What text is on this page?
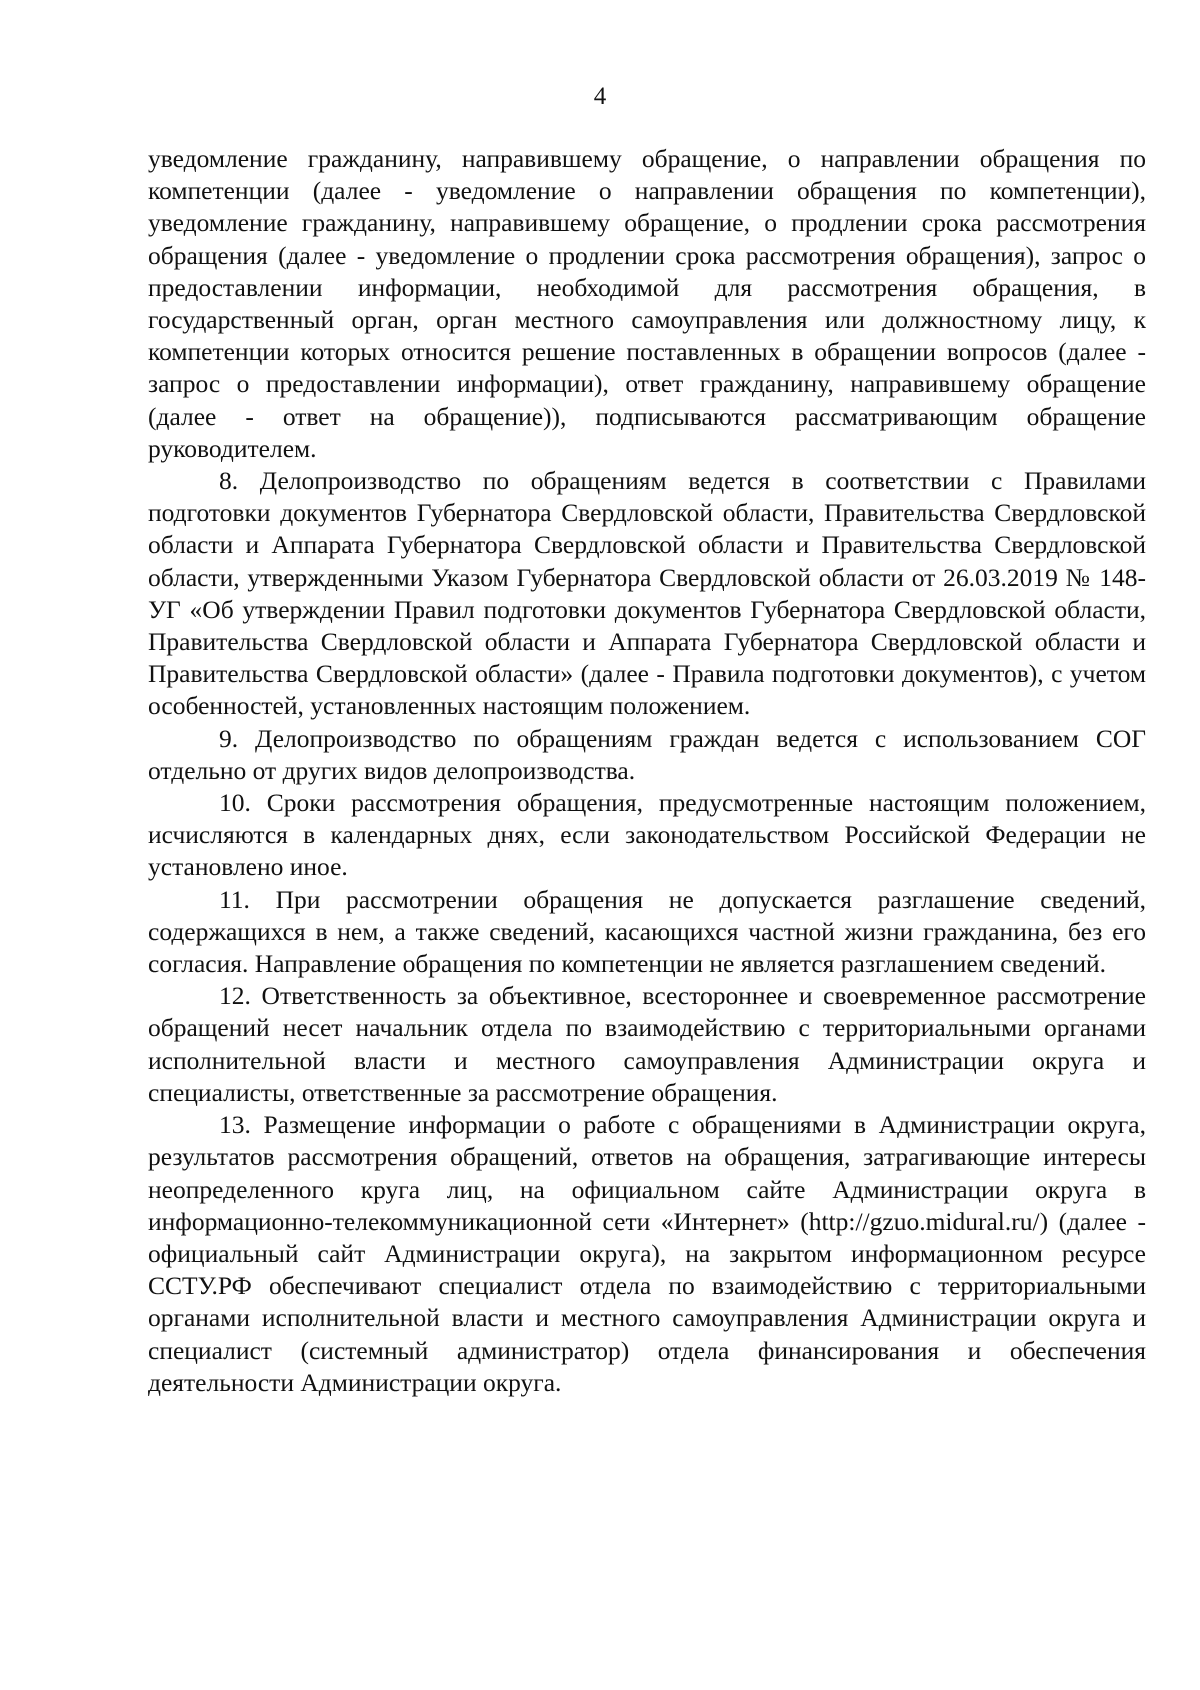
4

уведомление гражданину, направившему обращение, о направлении обращения по компетенции (далее - уведомление о направлении обращения по компетенции), уведомление гражданину, направившему обращение, о продлении срока рассмотрения обращения (далее - уведомление о продлении срока рассмотрения обращения), запрос о предоставлении информации, необходимой для рассмотрения обращения, в государственный орган, орган местного самоуправления или должностному лицу, к компетенции которых относится решение поставленных в обращении вопросов (далее - запрос о предоставлении информации), ответ гражданину, направившему обращение (далее - ответ на обращение)), подписываются рассматривающим обращение руководителем.

8. Делопроизводство по обращениям ведется в соответствии с Правилами подготовки документов Губернатора Свердловской области, Правительства Свердловской области и Аппарата Губернатора Свердловской области и Правительства Свердловской области, утвержденными Указом Губернатора Свердловской области от 26.03.2019 № 148-УГ «Об утверждении Правил подготовки документов Губернатора Свердловской области, Правительства Свердловской области и Аппарата Губернатора Свердловской области и Правительства Свердловской области» (далее - Правила подготовки документов), с учетом особенностей, установленных настоящим положением.

9. Делопроизводство по обращениям граждан ведется с использованием СОГ отдельно от других видов делопроизводства.

10. Сроки рассмотрения обращения, предусмотренные настоящим положением, исчисляются в календарных днях, если законодательством Российской Федерации не установлено иное.

11. При рассмотрении обращения не допускается разглашение сведений, содержащихся в нем, а также сведений, касающихся частной жизни гражданина, без его согласия. Направление обращения по компетенции не является разглашением сведений.

12. Ответственность за объективное, всестороннее и своевременное рассмотрение обращений несет начальник отдела по взаимодействию с территориальными органами исполнительной власти и местного самоуправления Администрации округа и специалисты, ответственные за рассмотрение обращения.

13. Размещение информации о работе с обращениями в Администрации округа, результатов рассмотрения обращений, ответов на обращения, затрагивающие интересы неопределенного круга лиц, на официальном сайте Администрации округа в информационно-телекоммуникационной сети «Интернет» (http://gzuo.midural.ru/) (далее - официальный сайт Администрации округа), на закрытом информационном ресурсе ССТУ.РФ обеспечивают специалист отдела по взаимодействию с территориальными органами исполнительной власти и местного самоуправления Администрации округа и специалист (системный администратор) отдела финансирования и обеспечения деятельности Администрации округа.
